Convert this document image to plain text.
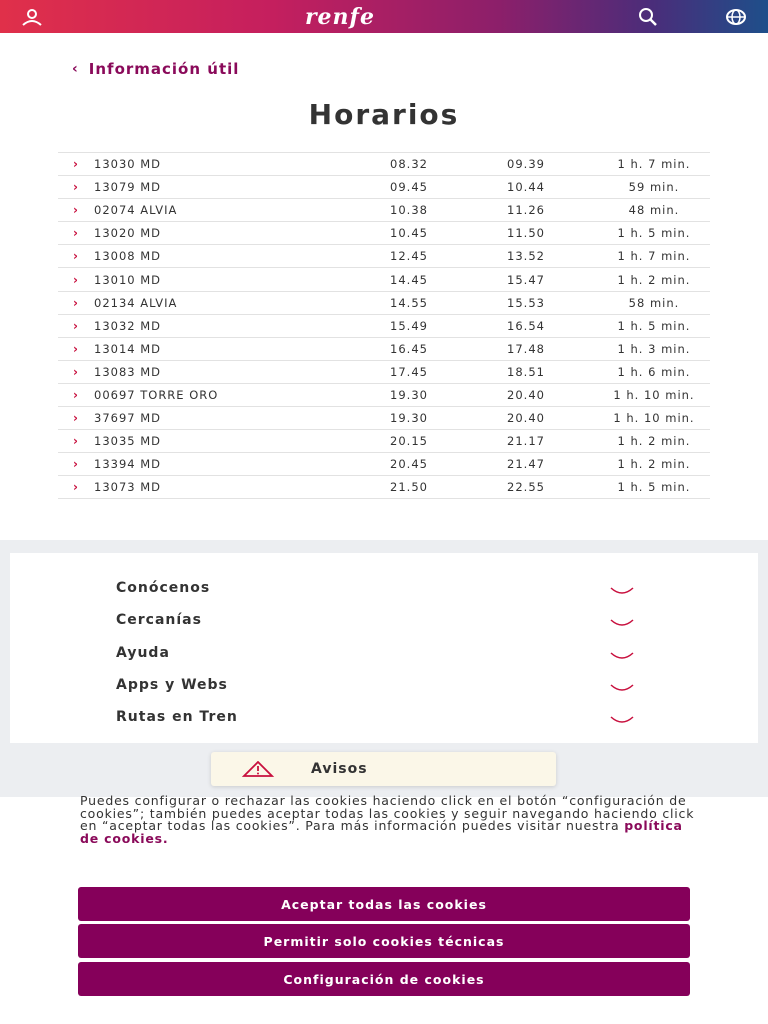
renfe
‹ Información útil
Horarios
›	13030 MD	08.32	09.39	1 h. 7 min.
›	13079 MD	09.45	10.44	59 min.
›	02074 ALVIA	10.38	11.26	48 min.
›	13020 MD	10.45	11.50	1 h. 5 min.
›	13008 MD	12.45	13.52	1 h. 7 min.
›	13010 MD	14.45	15.47	1 h. 2 min.
›	02134 ALVIA	14.55	15.53	58 min.
›	13032 MD	15.49	16.54	1 h. 5 min.
›	13014 MD	16.45	17.48	1 h. 3 min.
›	13083 MD	17.45	18.51	1 h. 6 min.
›	00697 TORRE ORO	19.30	20.40	1 h. 10 min.
›	37697 MD	19.30	20.40	1 h. 10 min.
›	13035 MD	20.15	21.17	1 h. 2 min.
›	13394 MD	20.45	21.47	1 h. 2 min.
›	13073 MD	21.50	22.55	1 h. 5 min.
Conócenos
Cercanías
Ayuda
Apps y Webs
Rutas en Tren
Avisos

Puedes configurar o rechazar las cookies haciendo click en el botón “configuración de cookies”; también puedes aceptar todas las cookies y seguir navegando haciendo click en “aceptar todas las cookies”. Para más información puedes visitar nuestra política de cookies.

Aceptar todas las cookies
Permitir solo cookies técnicas
Configuración de cookies
